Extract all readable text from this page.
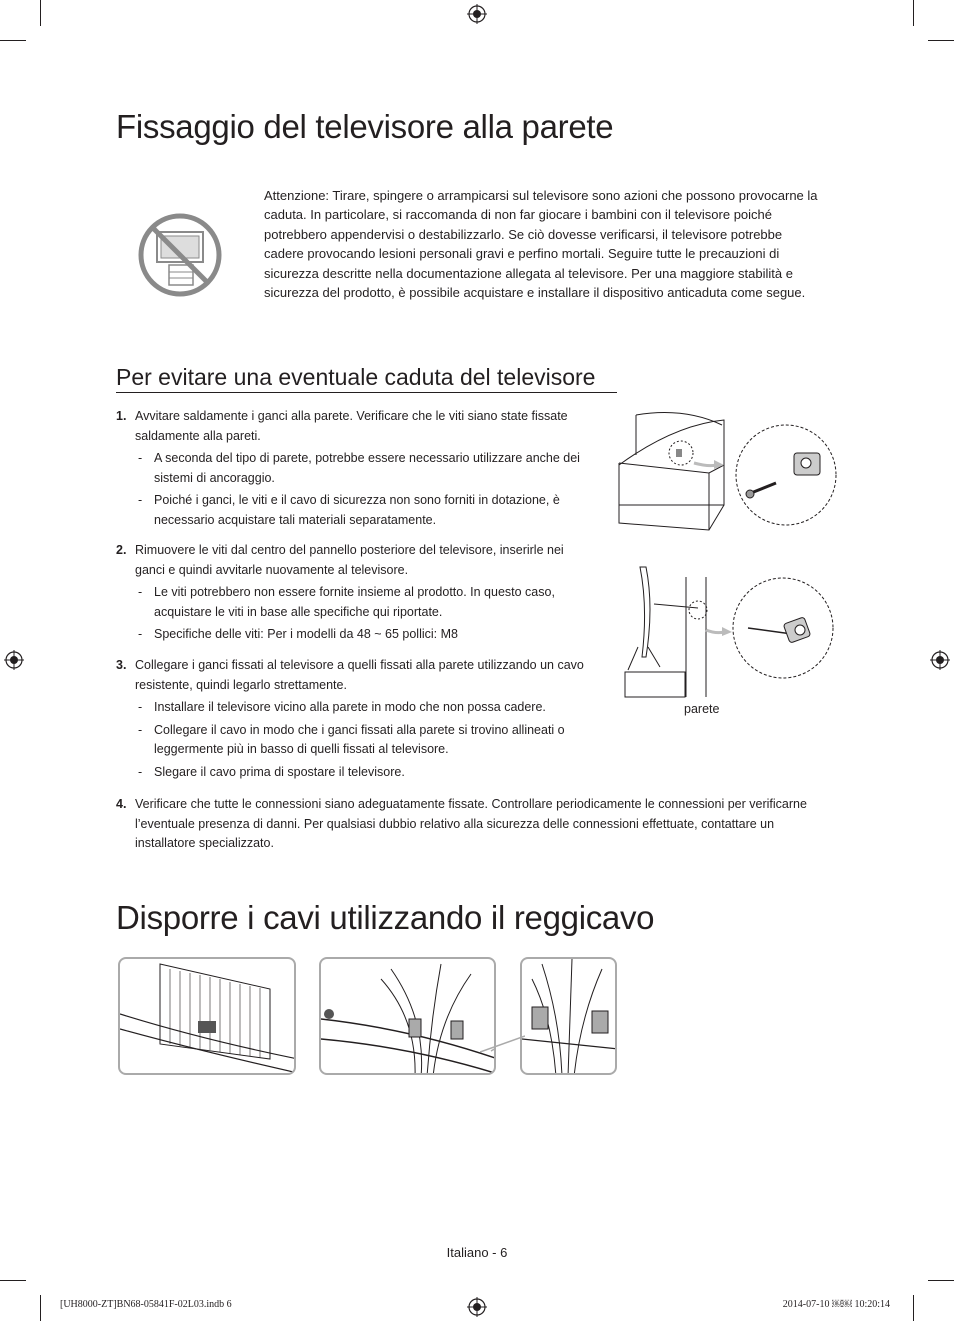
Fissaggio del televisore alla parete
Attenzione: Tirare, spingere o arrampicarsi sul televisore sono azioni che possono provocarne la caduta. In particolare, si raccomanda di non far giocare i bambini con il televisore poiché potrebbero appendervisi o destabilizzarlo. Se ciò dovesse verificarsi, il televisore potrebbe cadere provocando lesioni personali gravi e perfino mortali. Seguire tutte le precauzioni di sicurezza descritte nella documentazione allegata al televisore. Per una maggiore stabilità e sicurezza del prodotto, è possibile acquistare e installare il dispositivo anticaduta come segue.
Per evitare una eventuale caduta del televisore
1. Avvitare saldamente i ganci alla parete. Verificare che le viti siano state fissate saldamente alla pareti.
- A seconda del tipo di parete, potrebbe essere necessario utilizzare anche dei sistemi di ancoraggio.
- Poiché i ganci, le viti e il cavo di sicurezza non sono forniti in dotazione, è necessario acquistare tali materiali separatamente.
2. Rimuovere le viti dal centro del pannello posteriore del televisore, inserirle nei ganci e quindi avvitarle nuovamente al televisore.
- Le viti potrebbero non essere fornite insieme al prodotto. In questo caso, acquistare le viti in base alle specifiche qui riportate.
- Specifiche delle viti: Per i modelli da 48 ~ 65 pollici: M8
3. Collegare i ganci fissati al televisore a quelli fissati alla parete utilizzando un cavo resistente, quindi legarlo strettamente.
- Installare il televisore vicino alla parete in modo che non possa cadere.
- Collegare il cavo in modo che i ganci fissati alla parete si trovino allineati o leggermente più in basso di quelli fissati al televisore.
- Slegare il cavo prima di spostare il televisore.
4. Verificare che tutte le connessioni siano adeguatamente fissate. Controllare periodicamente le connessioni per verificarne l’eventuale presenza di danni. Per qualsiasi dubbio relativo alla sicurezza delle connessioni effettuate, contattare un installatore specializzato.
parete
Disporre i cavi utilizzando il reggicavo
Italiano - 6
[UH8000-ZT]BN68-05841F-02L03.indb 6	2014-07-10 ￼￼ 10:20:14
